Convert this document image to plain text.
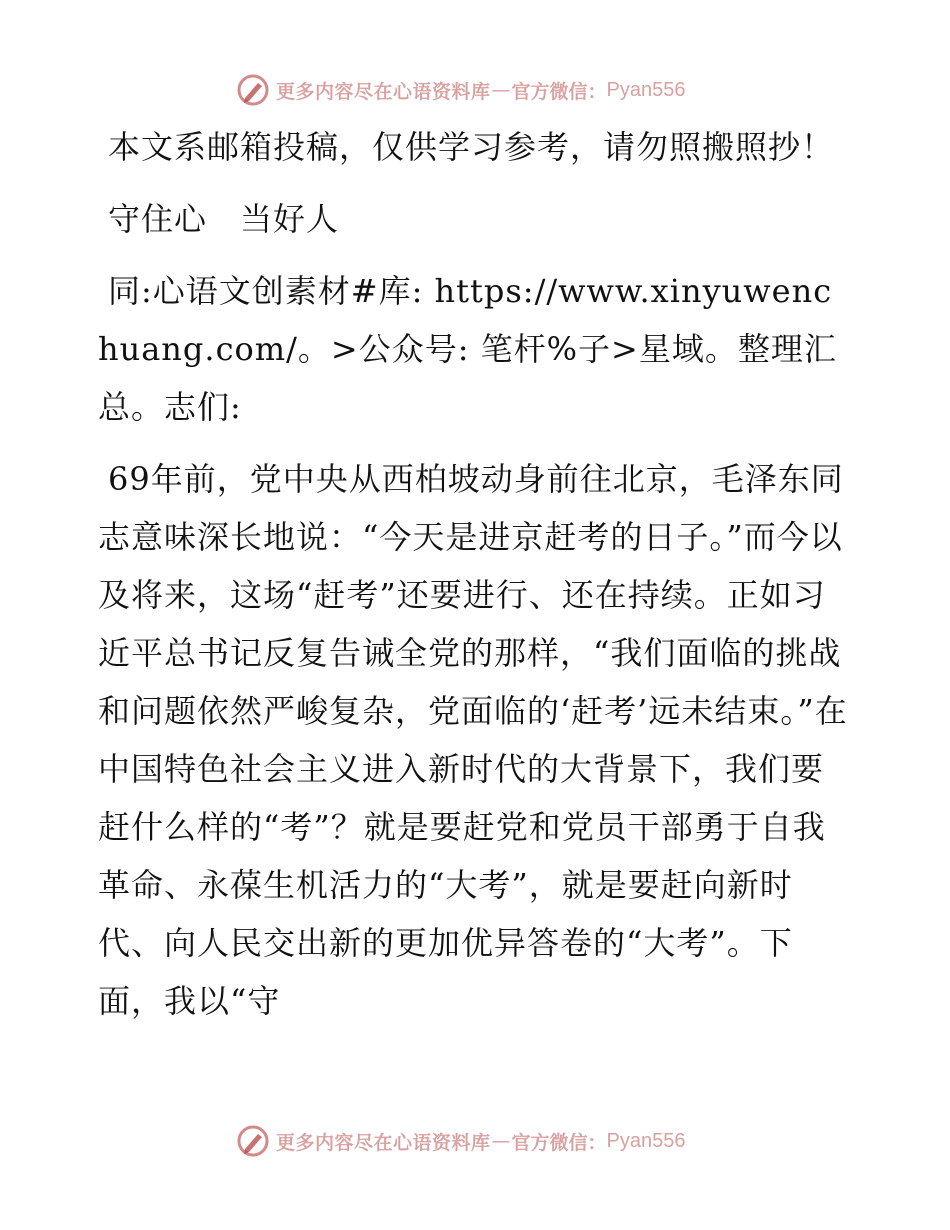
更多内容尽在心语资料库 — 官方微信： Pyan556

本文系邮箱投稿，仅供学习参考，请勿照搬照抄！

守住心　当好人

同:心语文创素材#库: https://www.xinyuwenchuang.com/。>公众号: 笔杆%子>星域。整理汇总。志们:

69年前，党中央从西柏坡动身前往北京，毛泽东同志意味深长地说：“今天是进京赶考的日子。”而今以及将来，这场“赶考”还要进行、还在持续。正如习近平总书记反复告诫全党的那样，“我们面临的挑战和问题依然严峻复杂，党面临的‘赶考’远未结束。”在中国特色社会主义进入新时代的大背景下，我们要赶什么样的“考”？就是要赶党和党员干部勇于自我革命、永葆生机活力的“大考”，就是要赶向新时代、向人民交出新的更加优异答卷的“大考”。下面，我以“守

更多内容尽在心语资料库 — 官方微信： Pyan556
